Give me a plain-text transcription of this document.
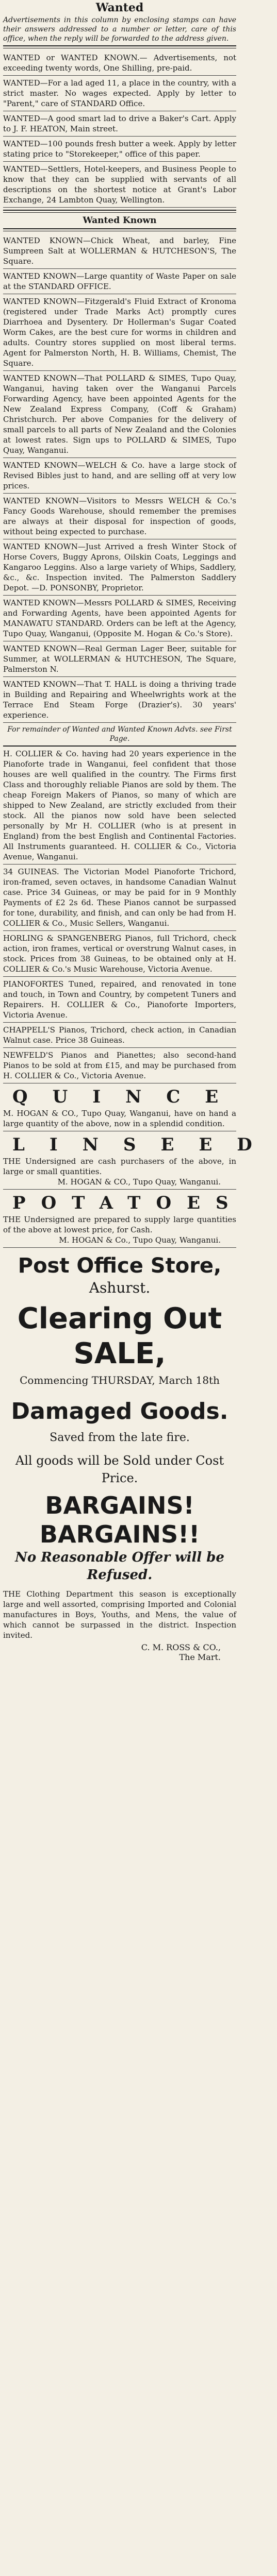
Wanted
Advertisements in this column by enclosing stamps can have their answers addressed to a number or letter, care of this office, when the reply will be forwarded to the address given.
WANTED or WANTED KNOWN.— Advertisements, not exceeding twenty words, One Shilling, pre-paid.
WANTED—For a lad aged 11, a place in the country, with a strict master. No wages expected. Apply by letter to "Parent," care of STANDARD Office.
WANTED—A good smart lad to drive a Baker's Cart. Apply to J. F. HEATON, Main street.
WANTED—100 pounds fresh butter a week. Apply by letter stating price to "Storekeeper," office of this paper.
WANTED—Settlers, Hotel-keepers, and Business People to know that they can be supplied with servants of all descriptions on the shortest notice at Grant's Labor Exchange, 24 Lambton Quay, Wellington.
Wanted Known
WANTED KNOWN—Chick Wheat, and barley, Fine Sumpreen Salt at WOLLERMAN & HUTCHESON'S, The Square.
WANTED KNOWN—Large quantity of Waste Paper on sale at the STANDARD OFFICE.
WANTED KNOWN—Fitzgerald's Fluid Extract of Kronoma (registered under Trade Marks Act) promptly cures Diarrhoea and Dysentery. Dr Hollerman's Sugar Coated Worm Cakes, are the best cure for worms in children and adults. Country stores supplied on most liberal terms. Agent for Palmerston North, H. B. Williams, Chemist, The Square.
WANTED KNOWN—That POLLARD & SIMES, Tupo Quay, Wanganui, having taken over the Wanganui Parcels Forwarding Agency, have been appointed Agents for the New Zealand Express Company, (Coff & Graham) Christchurch. Per above Companies for the delivery of small parcels to all parts of New Zealand and the Colonies at lowest rates. Sign ups to POLLARD & SIMES, Tupo Quay, Wanganui.
WANTED KNOWN—WELCH & Co. have a large stock of Revised Bibles just to hand, and are selling off at very low prices.
WANTED KNOWN—Visitors to Messrs WELCH & Co.'s Fancy Goods Warehouse, should remember the premises are always at their disposal for inspection of goods, without being expected to purchase.
WANTED KNOWN—Just Arrived a fresh Winter Stock of Horse Covers, Buggy Aprons, Oilskin Coats, Leggings and Kangaroo Leggins. Also a large variety of Whips, Saddlery, &c., &c. Inspection invited. The Palmerston Saddlery Depot. —D. PONSONBY, Proprietor.
WANTED KNOWN—Messrs POLLARD & SIMES, Receiving and Forwarding Agents, have been appointed Agents for MANAWATU STANDARD. Orders can be left at the Agency, Tupo Quay, Wanganui, (Opposite M. Hogan & Co.'s Store).
WANTED KNOWN—Real German Lager Beer, suitable for Summer, at WOLLERMAN & HUTCHESON, The Square, Palmerston N.
WANTED KNOWN—That T. HALL is doing a thriving trade in Building and Repairing and Wheelwrights work at the Terrace End Steam Forge (Drazier's). 30 years' experience.
For remainder of Wanted and Wanted Known Advts. see First Page.
H. COLLIER & Co. having had 20 years experience in the Pianoforte trade in Wanganui, feel confident that those houses are well qualified in the country. The Firms first Class and thoroughly reliable Pianos are sold by them. The cheap Foreign Makers of Pianos, so many of which are shipped to New Zealand, are strictly excluded from their stock. All the pianos now sold have been selected personally by Mr H. COLLIER (who is at present in England) from the best English and Continental Factories. All Instruments guaranteed. H. COLLIER & Co., Victoria Avenue, Wanganui.
34 GUINEAS. The Victorian Model Pianoforte Trichord, iron-framed, seven octaves, in handsome Canadian Walnut case. Price 34 Guineas, or may be paid for in 9 Monthly Payments of £2 2s 6d. These Pianos cannot be surpassed for tone, durability, and finish, and can only be had from H. COLLIER & Co., Music Sellers, Wanganui.
HORLING & SPANGENBERG Pianos, full Trichord, check action, iron frames, vertical or overstrung Walnut cases, in stock. Prices from 38 Guineas, to be obtained only at H. COLLIER & Co.'s Music Warehouse, Victoria Avenue.
PIANOFORTES Tuned, repaired, and renovated in tone and touch, in Town and Country, by competent Tuners and Repairers. H. COLLIER & Co., Pianoforte Importers, Victoria Avenue.
CHAPPELL'S Pianos, Trichord, check action, in Canadian Walnut case. Price 38 Guineas.
NEWFELD'S Pianos and Pianettes; also second-hand Pianos to be sold at from £15, and may be purchased from H. COLLIER & Co., Victoria Avenue.
QUINCE
M. HOGAN & CO., Tupo Quay, Wanganui, have on hand a large quantity of the above, now in a splendid condition.
LINSEED
THE Undersigned are cash purchasers of the above, in large or small quantities.
M. HOGAN & CO., Tupo Quay, Wanganui.
POTATOES
THE Undersigned are prepared to supply large quantities of the above at lowest price, for Cash.
M. HOGAN & Co., Tupo Quay, Wanganui.
Post Office Store,
Ashurst.
Clearing Out
SALE,
Commencing THURSDAY, March 18th
Damaged Goods.
Saved from the late fire.
All goods will be Sold under Cost Price.
BARGAINS!
BARGAINS!!
No Reasonable Offer will be Refused.
THE Clothing Department this season is exceptionally large and well assorted, comprising Imported and Colonial manufactures in Boys, Youths, and Mens, the value of which cannot be surpassed in the district. Inspection invited.
C. M. ROSS & CO.,
The Mart.
